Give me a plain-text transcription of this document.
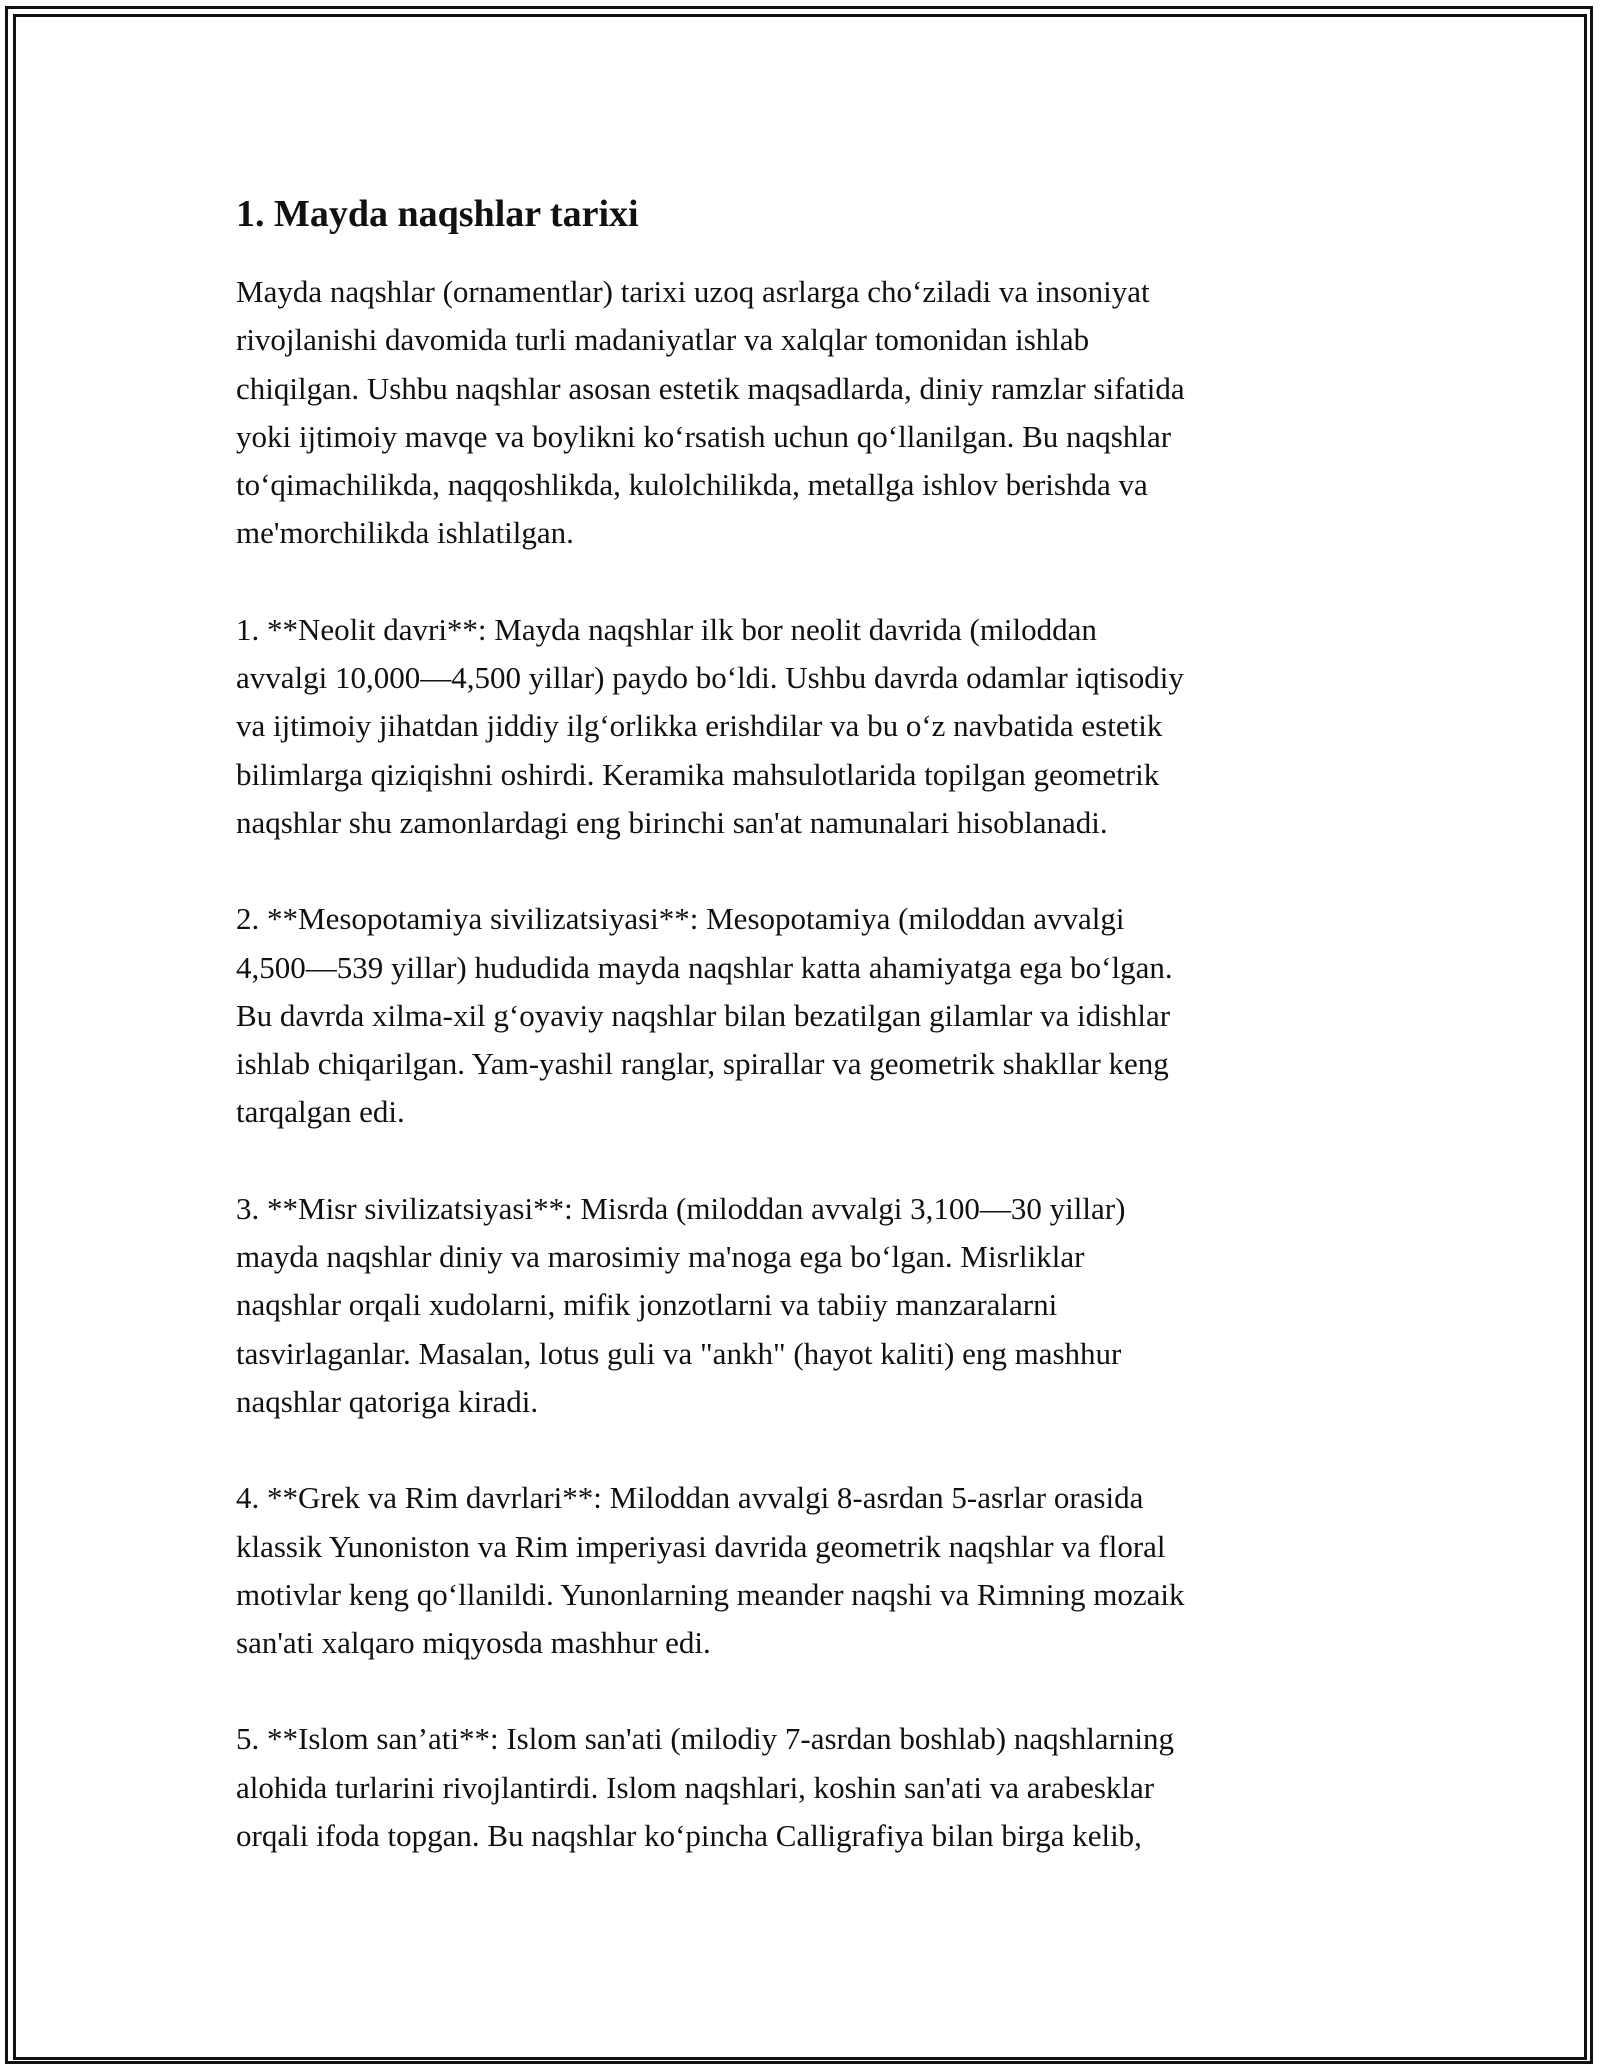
1. Mayda naqshlar tarixi

Mayda naqshlar (ornamentlar) tarixi uzoq asrlarga cho‘ziladi va insoniyat
rivojlanishi davomida turli madaniyatlar va xalqlar tomonidan ishlab
chiqilgan. Ushbu naqshlar asosan estetik maqsadlarda, diniy ramzlar sifatida
yoki ijtimoiy mavqe va boylikni ko‘rsatish uchun qo‘llanilgan. Bu naqshlar
to‘qimachilikda, naqqoshlikda, kulolchilikda, metallga ishlov berishda va
me'morchilikda ishlatilgan.

1. **Neolit davri**: Mayda naqshlar ilk bor neolit davrida (miloddan
avvalgi 10,000—4,500 yillar) paydo bo‘ldi. Ushbu davrda odamlar iqtisodiy
va ijtimoiy jihatdan jiddiy ilg‘orlikka erishdilar va bu o‘z navbatida estetik
bilimlarga qiziqishni oshirdi. Keramika mahsulotlarida topilgan geometrik
naqshlar shu zamonlardagi eng birinchi san'at namunalari hisoblanadi.

2. **Mesopotamiya sivilizatsiyasi**: Mesopotamiya (miloddan avvalgi
4,500—539 yillar) hududida mayda naqshlar katta ahamiyatga ega bo‘lgan.
Bu davrda xilma-xil g‘oyaviy naqshlar bilan bezatilgan gilamlar va idishlar
ishlab chiqarilgan. Yam-yashil ranglar, spirallar va geometrik shakllar keng
tarqalgan edi.

3. **Misr sivilizatsiyasi**: Misrda (miloddan avvalgi 3,100—30 yillar)
mayda naqshlar diniy va marosimiy ma'noga ega bo‘lgan. Misrliklar
naqshlar orqali xudolarni, mifik jonzotlarni va tabiiy manzaralarni
tasvirlaganlar. Masalan, lotus guli va "ankh" (hayot kaliti) eng mashhur
naqshlar qatoriga kiradi.

4. **Grek va Rim davrlari**: Miloddan avvalgi 8-asrdan 5-asrlar orasida
klassik Yunoniston va Rim imperiyasi davrida geometrik naqshlar va floral
motivlar keng qo‘llanildi. Yunonlarning meander naqshi va Rimning mozaik
san'ati xalqaro miqyosda mashhur edi.

5. **Islom san’ati**: Islom san'ati (milodiy 7-asrdan boshlab) naqshlarning
alohida turlarini rivojlantirdi. Islom naqshlari, koshin san'ati va arabesklar
orqali ifoda topgan. Bu naqshlar ko‘pincha Calligrafiya bilan birga kelib,
